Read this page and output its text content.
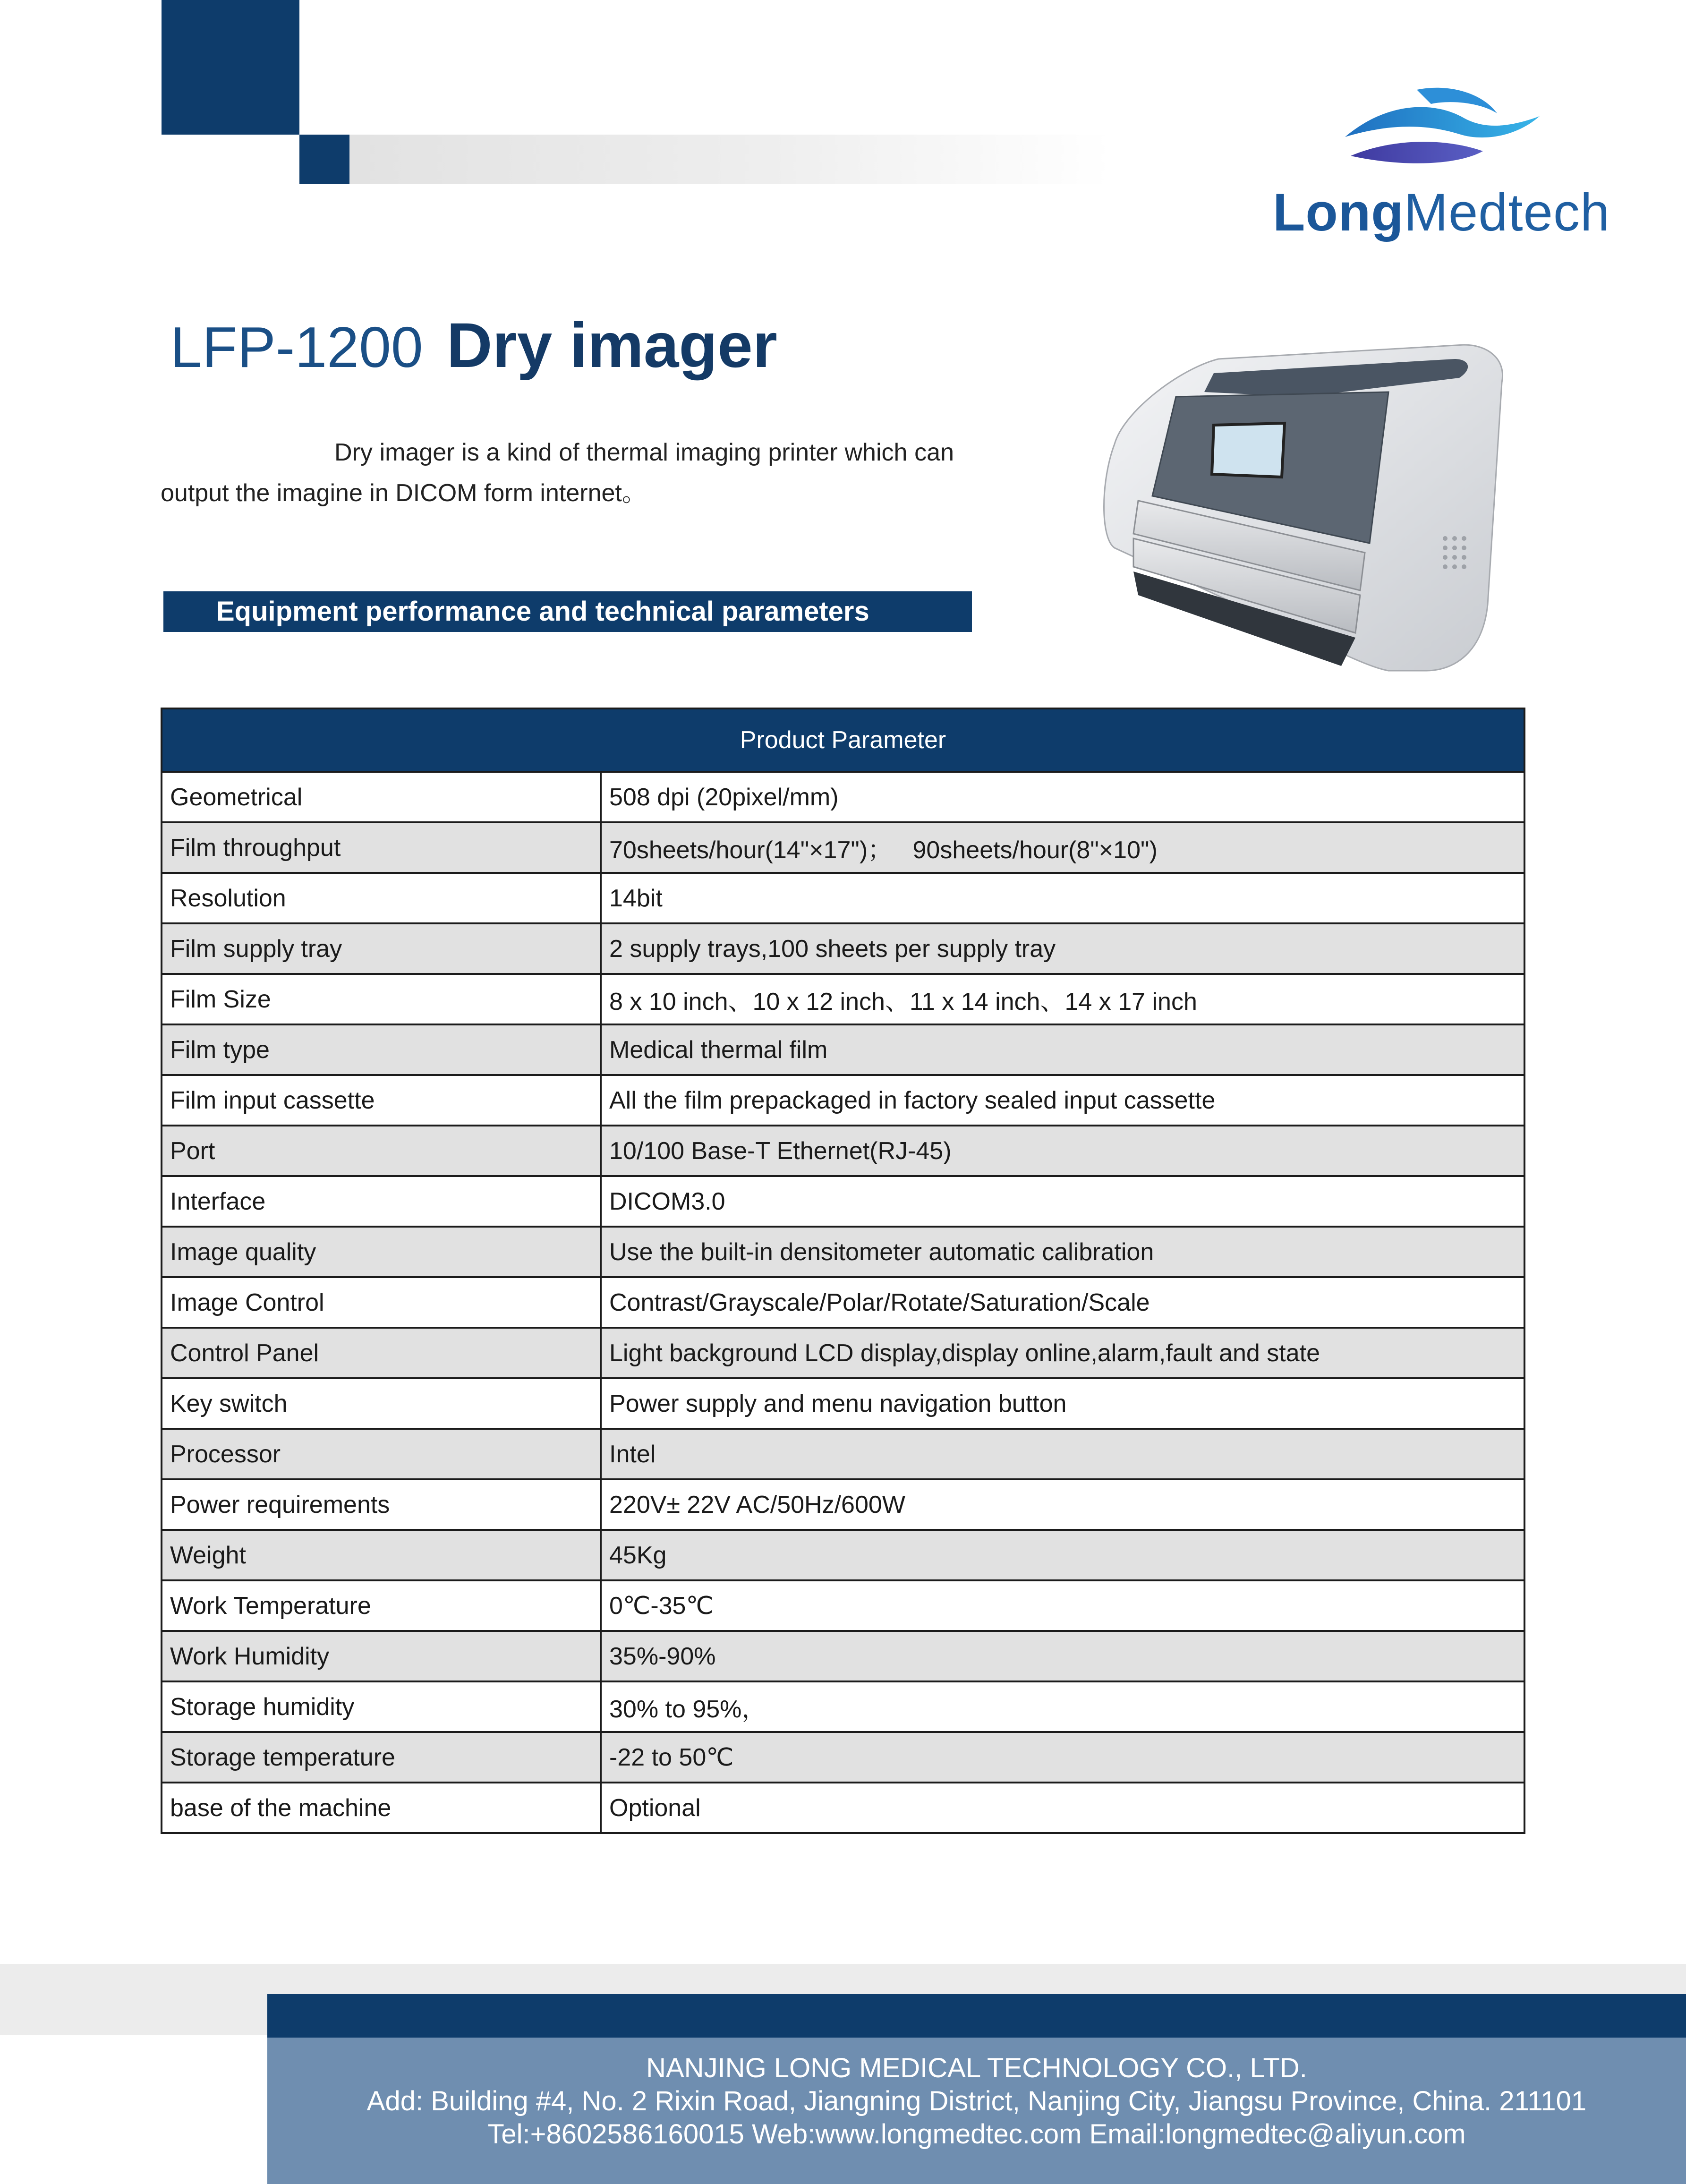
LongMedtech
LFP-1200 Dry imager

Dry imager is a kind of thermal imaging printer which can output the imagine in DICOM form internet。

Equipment performance and technical parameters
Product Parameter	
Geometrical	508 dpi (20pixel/mm)
Film throughput	70sheets/hour(14"×17")；   90sheets/hour(8"×10")
Resolution	14bit
Film supply tray	2 supply trays,100 sheets per supply tray
Film Size	8 x 10 inch、10 x 12 inch、11 x 14 inch、14 x 17 inch
Film type	Medical thermal film
Film input cassette	All the film prepackaged in factory sealed input cassette
Port	10/100 Base-T Ethernet(RJ-45)
Interface	DICOM3.0
Image quality	Use the built-in densitometer automatic calibration
Image Control	Contrast/Grayscale/Polar/Rotate/Saturation/Scale
Control Panel	Light background LCD display,display online,alarm,fault and state
Key switch	Power supply and menu navigation button
Processor	Intel
Power requirements	220V± 22V AC/50Hz/600W
Weight	45Kg
Work Temperature	0℃-35℃
Work Humidity	35%-90%
Storage humidity	30% to 95%，
Storage temperature	-22 to 50℃
base of the machine	Optional
NANJING LONG MEDICAL TECHNOLOGY CO., LTD.
Add: Building #4, No. 2 Rixin Road, Jiangning District, Nanjing City, Jiangsu Province, China. 211101
Tel:+8602586160015 Web:www.longmedtec.com Email:longmedtec@aliyun.com
